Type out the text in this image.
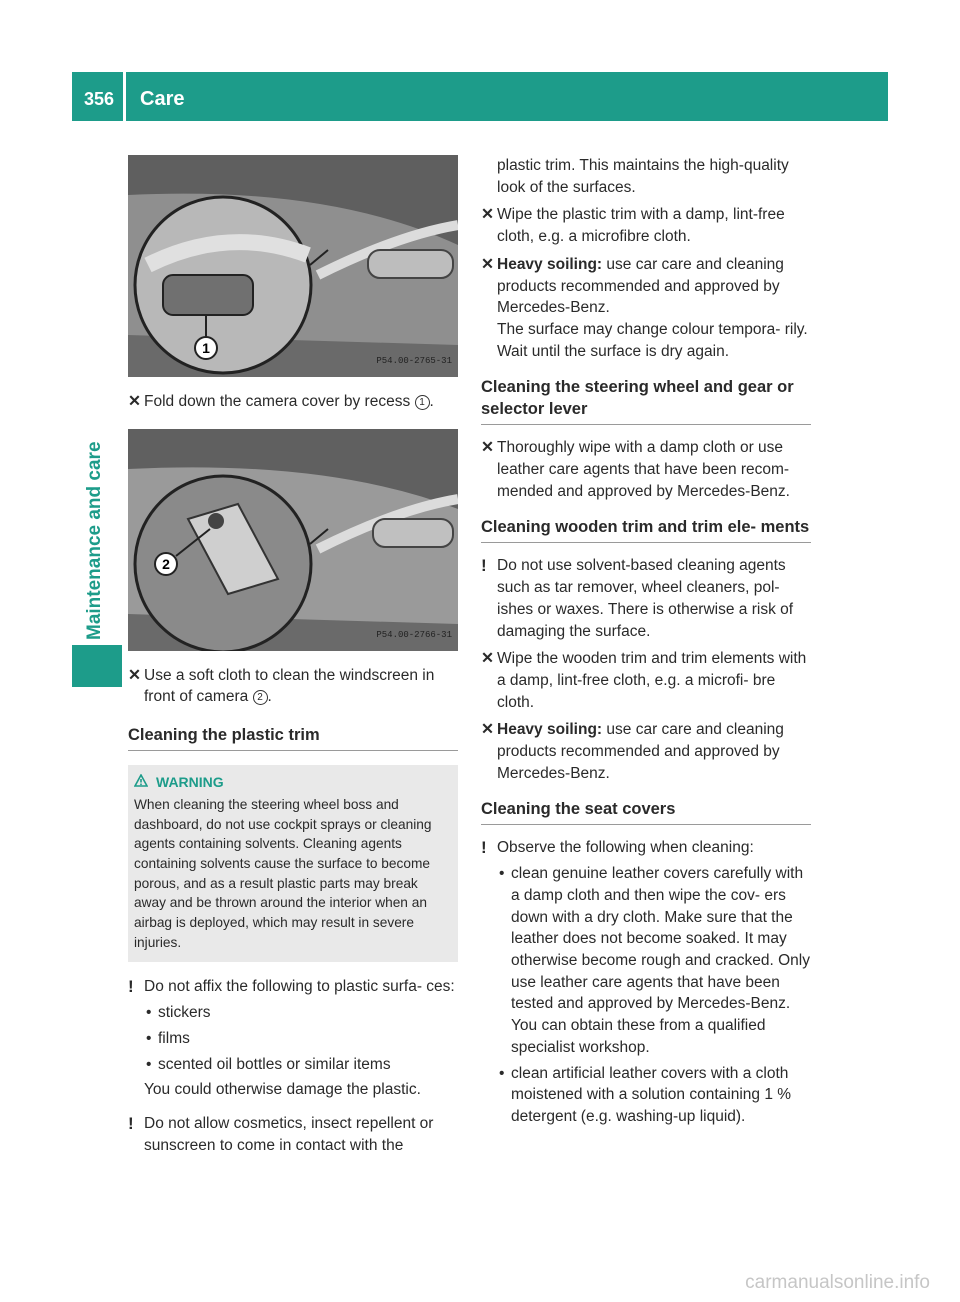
356	Care
Maintenance and care
1
P54.00-2765-31

✕ Fold down the camera cover by recess 1 .

2
P54.00-2766-31

✕ Use a soft cloth to clean the windscreen in front of camera 2 .

Cleaning the plastic trim
WARNING
When cleaning the steering wheel boss and dashboard, do not use cockpit sprays or cleaning agents containing solvents. Cleaning agents containing solvents cause the surface to become porous, and as a result plastic parts may break away and be thrown around the interior when an airbag is deployed, which may result in severe injuries.

! Do not affix the following to plastic surfa- ces:

• stickers

• films

• scented oil bottles or similar items

You could otherwise damage the plastic.

! Do not allow cosmetics, insect repellent or sunscreen to come in contact with the

plastic trim. This maintains the high-quality look of the surfaces.

✕ Wipe the plastic trim with a damp, lint-free cloth, e.g. a microfibre cloth.

✕ Heavy soiling: use car care and cleaning products recommended and approved by Mercedes-Benz.

The surface may change colour tempora- rily. Wait until the surface is dry again.

Cleaning the steering wheel and gear or selector lever

✕ Thoroughly wipe with a damp cloth or use leather care agents that have been recom- mended and approved by Mercedes-Benz.

Cleaning wooden trim and trim ele- ments

! Do not use solvent-based cleaning agents such as tar remover, wheel cleaners, pol- ishes or waxes. There is otherwise a risk of damaging the surface.

✕ Wipe the wooden trim and trim elements with a damp, lint-free cloth, e.g. a microfi- bre cloth.

✕ Heavy soiling: use car care and cleaning products recommended and approved by Mercedes-Benz.

Cleaning the seat covers

! Observe the following when cleaning:

• clean genuine leather covers carefully with a damp cloth and then wipe the cov- ers down with a dry cloth. Make sure that the leather does not become soaked. It may otherwise become rough and cracked. Only use leather care agents that have been tested and approved by Mercedes-Benz. You can obtain these from a qualified specialist workshop.

• clean artificial leather covers with a cloth moistened with a solution containing 1 % detergent (e.g. washing-up liquid).

carmanualsonline.info
